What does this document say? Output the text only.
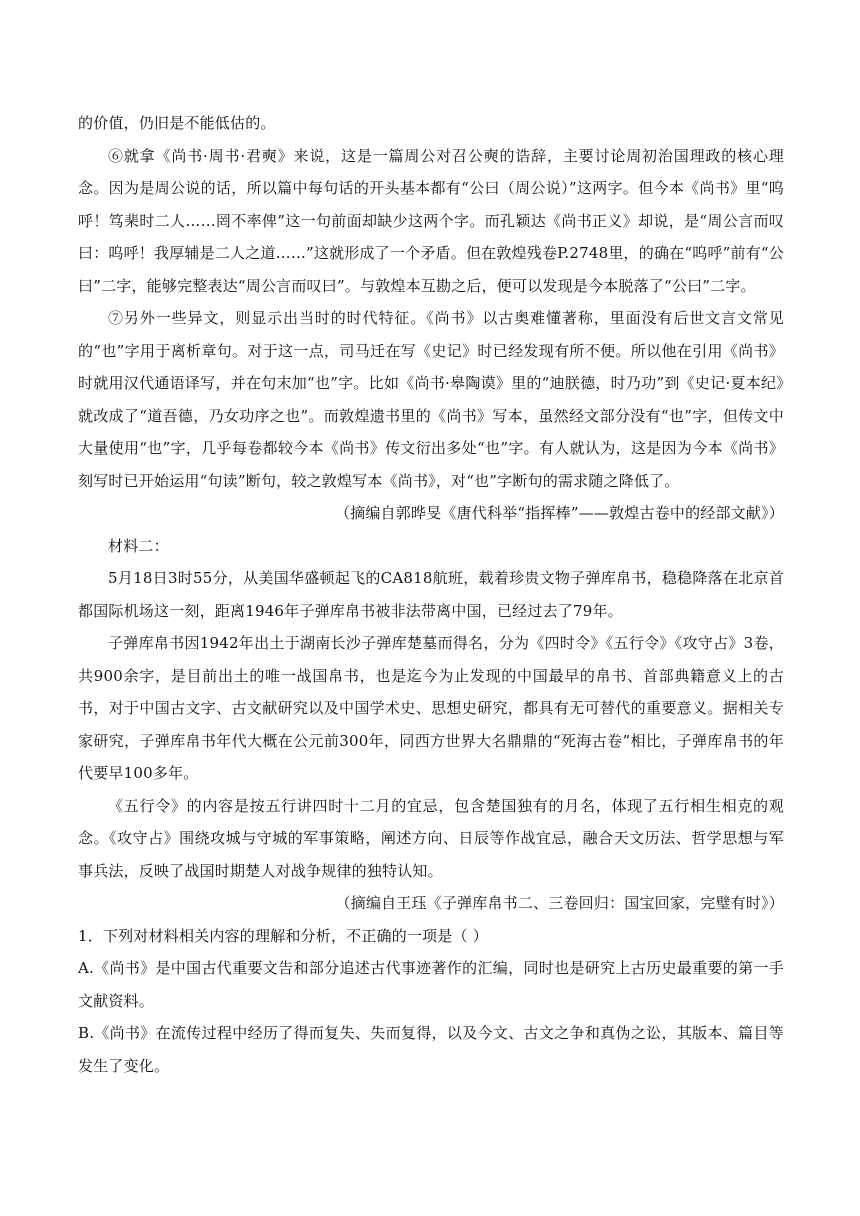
的价值，仍旧是不能低估的。

⑥就拿《尚书·周书·君奭》来说，这是一篇周公对召公奭的诰辞，主要讨论周初治国理政的核心理念。因为是周公说的话，所以篇中每句话的开头基本都有“公曰（周公说）”这两字。但今本《尚书》里“呜呼！笃棐时二人……罔不率俾”这一句前面却缺少这两个字。而孔颖达《尚书正义》却说，是“周公言而叹曰：呜呼！我厚辅是二人之道……”这就形成了一个矛盾。但在敦煌残卷P.2748里，的确在“呜呼”前有“公曰”二字，能够完整表达“周公言而叹曰”。与敦煌本互勘之后，便可以发现是今本脱落了“公曰”二字。

⑦另外一些异文，则显示出当时的时代特征。《尚书》以古奥难懂著称，里面没有后世文言文常见的“也”字用于离析章句。对于这一点，司马迁在写《史记》时已经发现有所不便。所以他在引用《尚书》时就用汉代通语译写，并在句末加“也”字。比如《尚书·皋陶谟》里的“迪朕德，时乃功”到《史记·夏本纪》就改成了“道吾德，乃女功序之也”。而敦煌遗书里的《尚书》写本，虽然经文部分没有“也”字，但传文中大量使用“也”字，几乎每卷都较今本《尚书》传文衍出多处“也”字。有人就认为，这是因为今本《尚书》刻写时已开始运用“句读”断句，较之敦煌写本《尚书》，对“也”字断句的需求随之降低了。

（摘编自郭晔旻《唐代科举“指挥棒”——敦煌古卷中的经部文献》）

材料二：

5月18日3时55分，从美国华盛顿起飞的CA818航班，载着珍贵文物子弹库帛书，稳稳降落在北京首都国际机场这一刻，距离1946年子弹库帛书被非法带离中国，已经过去了79年。

子弹库帛书因1942年出土于湖南长沙子弹库楚墓而得名，分为《四时令》《五行令》《攻守占》3卷，共900余字，是目前出土的唯一战国帛书，也是迄今为止发现的中国最早的帛书、首部典籍意义上的古书，对于中国古文字、古文献研究以及中国学术史、思想史研究，都具有无可替代的重要意义。据相关专家研究，子弹库帛书年代大概在公元前300年，同西方世界大名鼎鼎的“死海古卷”相比，子弹库帛书的年代要早100多年。

《五行令》的内容是按五行讲四时十二月的宜忌，包含楚国独有的月名，体现了五行相生相克的观念。《攻守占》围绕攻城与守城的军事策略，阐述方向、日辰等作战宜忌，融合天文历法、哲学思想与军事兵法，反映了战国时期楚人对战争规律的独特认知。

（摘编自王珏《子弹库帛书二、三卷回归：国宝回家，完璧有时》）

1．下列对材料相关内容的理解和分析，不正确的一项是（ ）

A.《尚书》是中国古代重要文告和部分追述古代事迹著作的汇编，同时也是研究上古历史最重要的第一手文献资料。

B.《尚书》在流传过程中经历了得而复失、失而复得，以及今文、古文之争和真伪之讼，其版本、篇目等发生了变化。
